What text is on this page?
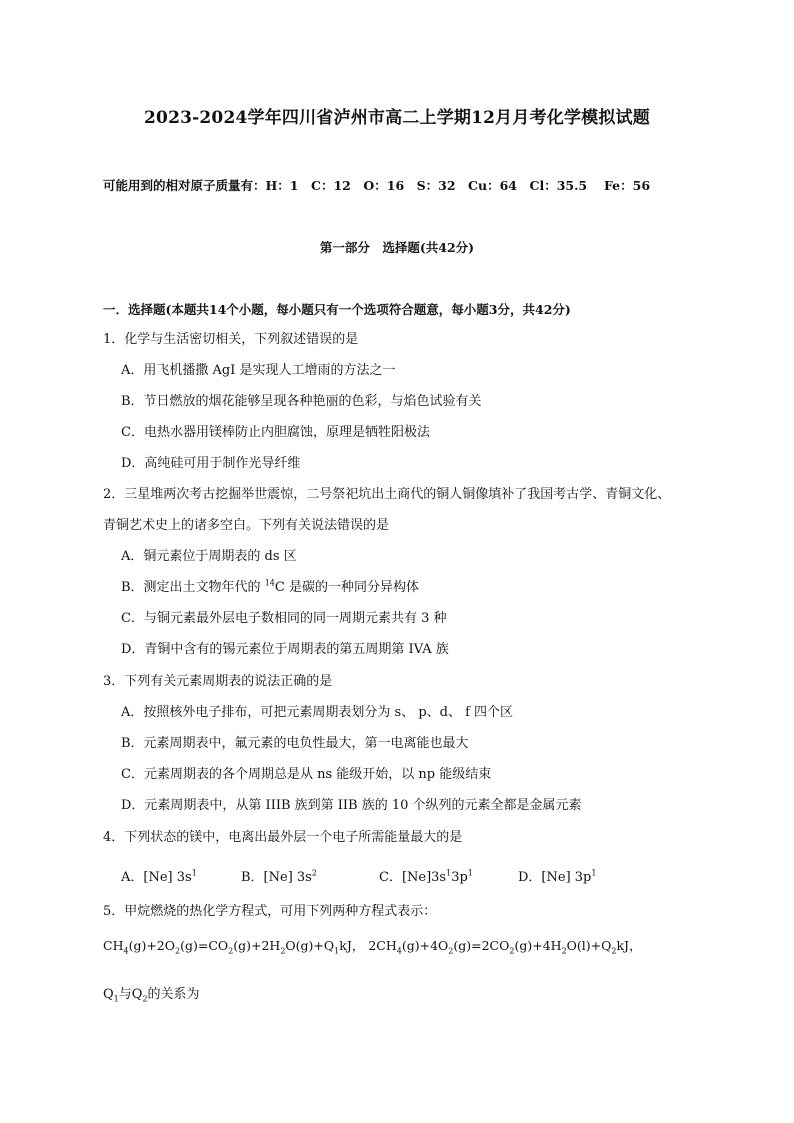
2023-2024学年四川省泸州市高二上学期12月月考化学模拟试题
可能用到的相对原子质量有：H：1　C：12　O：16　S：32　Cu：64　Cl：35.5　 Fe：56
第一部分　选择题(共42分)
一．选择题(本题共14个小题，每小题只有一个选项符合题意，每小题3分，共42分)
1．化学与生活密切相关，下列叙述错误的是
A．用飞机播撒 AgI 是实现人工增雨的方法之一
B．节日燃放的烟花能够呈现各种艳丽的色彩，与焰色试验有关
C．电热水器用镁棒防止内胆腐蚀，原理是牺牲阳极法
D．高纯硅可用于制作光导纤维
2．三星堆两次考古挖掘举世震惊，二号祭祀坑出土商代的铜人铜像填补了我国考古学、青铜文化、
青铜艺术史上的诸多空白。下列有关说法错误的是
A．铜元素位于周期表的 ds 区
B．测定出土文物年代的 $^{14}$C 是碳的一种同分异构体
C．与铜元素最外层电子数相同的同一周期元素共有 3 种
D．青铜中含有的锡元素位于周期表的第五周期第 IVA 族
3．下列有关元素周期表的说法正确的是
A．按照核外电子排布，可把元素周期表划分为 s、 p、d、 f 四个区
B．元素周期表中，氟元素的电负性最大，第一电离能也最大
C．元素周期表的各个周期总是从 ns 能级开始，以 np 能级结束
D．元素周期表中，从第 IIIB 族到第 IIB 族的 10 个纵列的元素全都是金属元素
4．下列状态的镁中，电离出最外层一个电子所需能量最大的是
A．[Ne] $3s^1$	B．[Ne] $3s^2$	C．$[Ne]3s^13p^1$	D．[Ne] $3p^1$
5．甲烷燃烧的热化学方程式，可用下列两种方程式表示：
$CH_4(g)+2O_2(g)=CO_2(g)+2H_2O(g)+Q_1kJ$， $2CH_4(g)+4O_2(g)=2CO_2(g)+4H_2O(l)+Q_2kJ$，
$Q_1$与$Q_2$的关系为
